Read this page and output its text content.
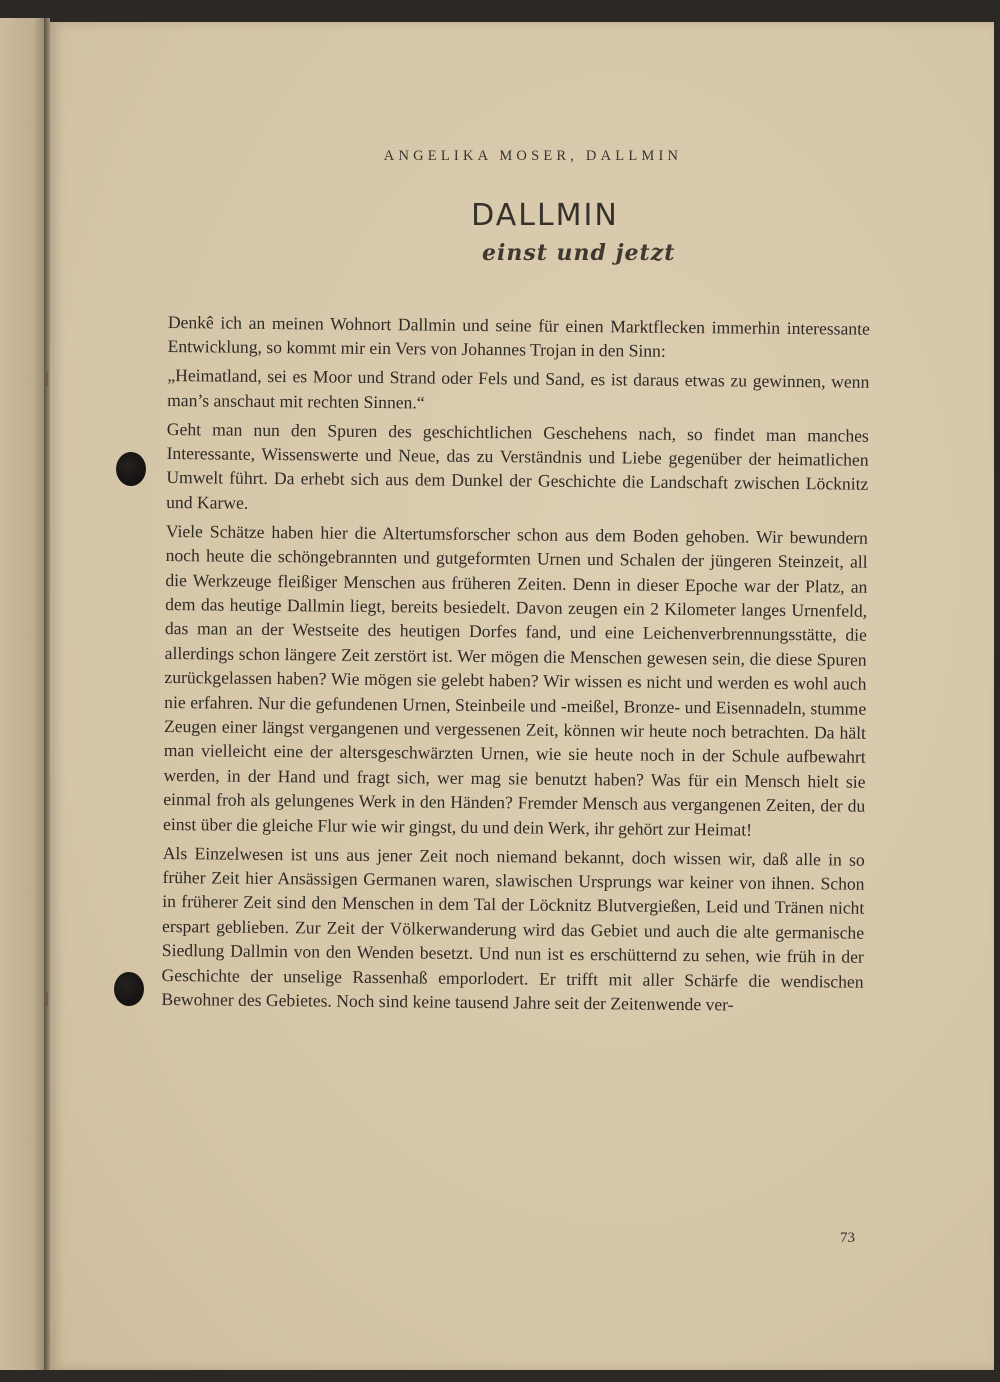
ANGELIKA MOSER, DALLMIN
DALLMIN
einst und jetzt

Denkê ich an meinen Wohnort Dallmin und seine für einen Marktflecken immerhin interessante Entwicklung, so kommt mir ein Vers von Johannes Trojan in den Sinn:

„Heimatland, sei es Moor und Strand oder Fels und Sand, es ist daraus etwas zu gewinnen, wenn man’s anschaut mit rechten Sinnen.“

Geht man nun den Spuren des geschichtlichen Geschehens nach, so findet man manches Interessante, Wissenswerte und Neue, das zu Verständnis und Liebe gegenüber der heimatlichen Umwelt führt. Da erhebt sich aus dem Dunkel der Geschichte die Landschaft zwischen Löcknitz und Karwe.

Viele Schätze haben hier die Altertumsforscher schon aus dem Boden gehoben. Wir bewundern noch heute die schöngebrannten und gutgeformten Urnen und Schalen der jüngeren Steinzeit, all die Werkzeuge fleißiger Menschen aus früheren Zeiten. Denn in dieser Epoche war der Platz, an dem das heutige Dallmin liegt, bereits besiedelt. Davon zeugen ein 2 Kilometer langes Urnenfeld, das man an der Westseite des heutigen Dorfes fand, und eine Leichenverbrennungsstätte, die allerdings schon längere Zeit zerstört ist. Wer mögen die Menschen gewesen sein, die diese Spuren zurückgelassen haben? Wie mögen sie gelebt haben? Wir wissen es nicht und werden es wohl auch nie erfahren. Nur die gefundenen Urnen, Steinbeile und -meißel, Bronze- und Eisennadeln, stumme Zeugen einer längst vergangenen und vergessenen Zeit, können wir heute noch betrachten. Da hält man vielleicht eine der altersgeschwärzten Urnen, wie sie heute noch in der Schule aufbewahrt werden, in der Hand und fragt sich, wer mag sie benutzt haben? Was für ein Mensch hielt sie einmal froh als gelungenes Werk in den Händen? Fremder Mensch aus vergangenen Zeiten, der du einst über die gleiche Flur wie wir gingst, du und dein Werk, ihr gehört zur Heimat!

Als Einzelwesen ist uns aus jener Zeit noch niemand bekannt, doch wissen wir, daß alle in so früher Zeit hier Ansässigen Germanen waren, slawischen Ursprungs war keiner von ihnen. Schon in früherer Zeit sind den Menschen in dem Tal der Löcknitz Blutvergießen, Leid und Tränen nicht erspart geblieben. Zur Zeit der Völkerwanderung wird das Gebiet und auch die alte germanische Siedlung Dallmin von den Wenden besetzt. Und nun ist es erschütternd zu sehen, wie früh in der Geschichte der unselige Rassenhaß emporlodert. Er trifft mit aller Schärfe die wendischen Bewohner des Gebietes. Noch sind keine tausend Jahre seit der Zeitenwende ver-

73
